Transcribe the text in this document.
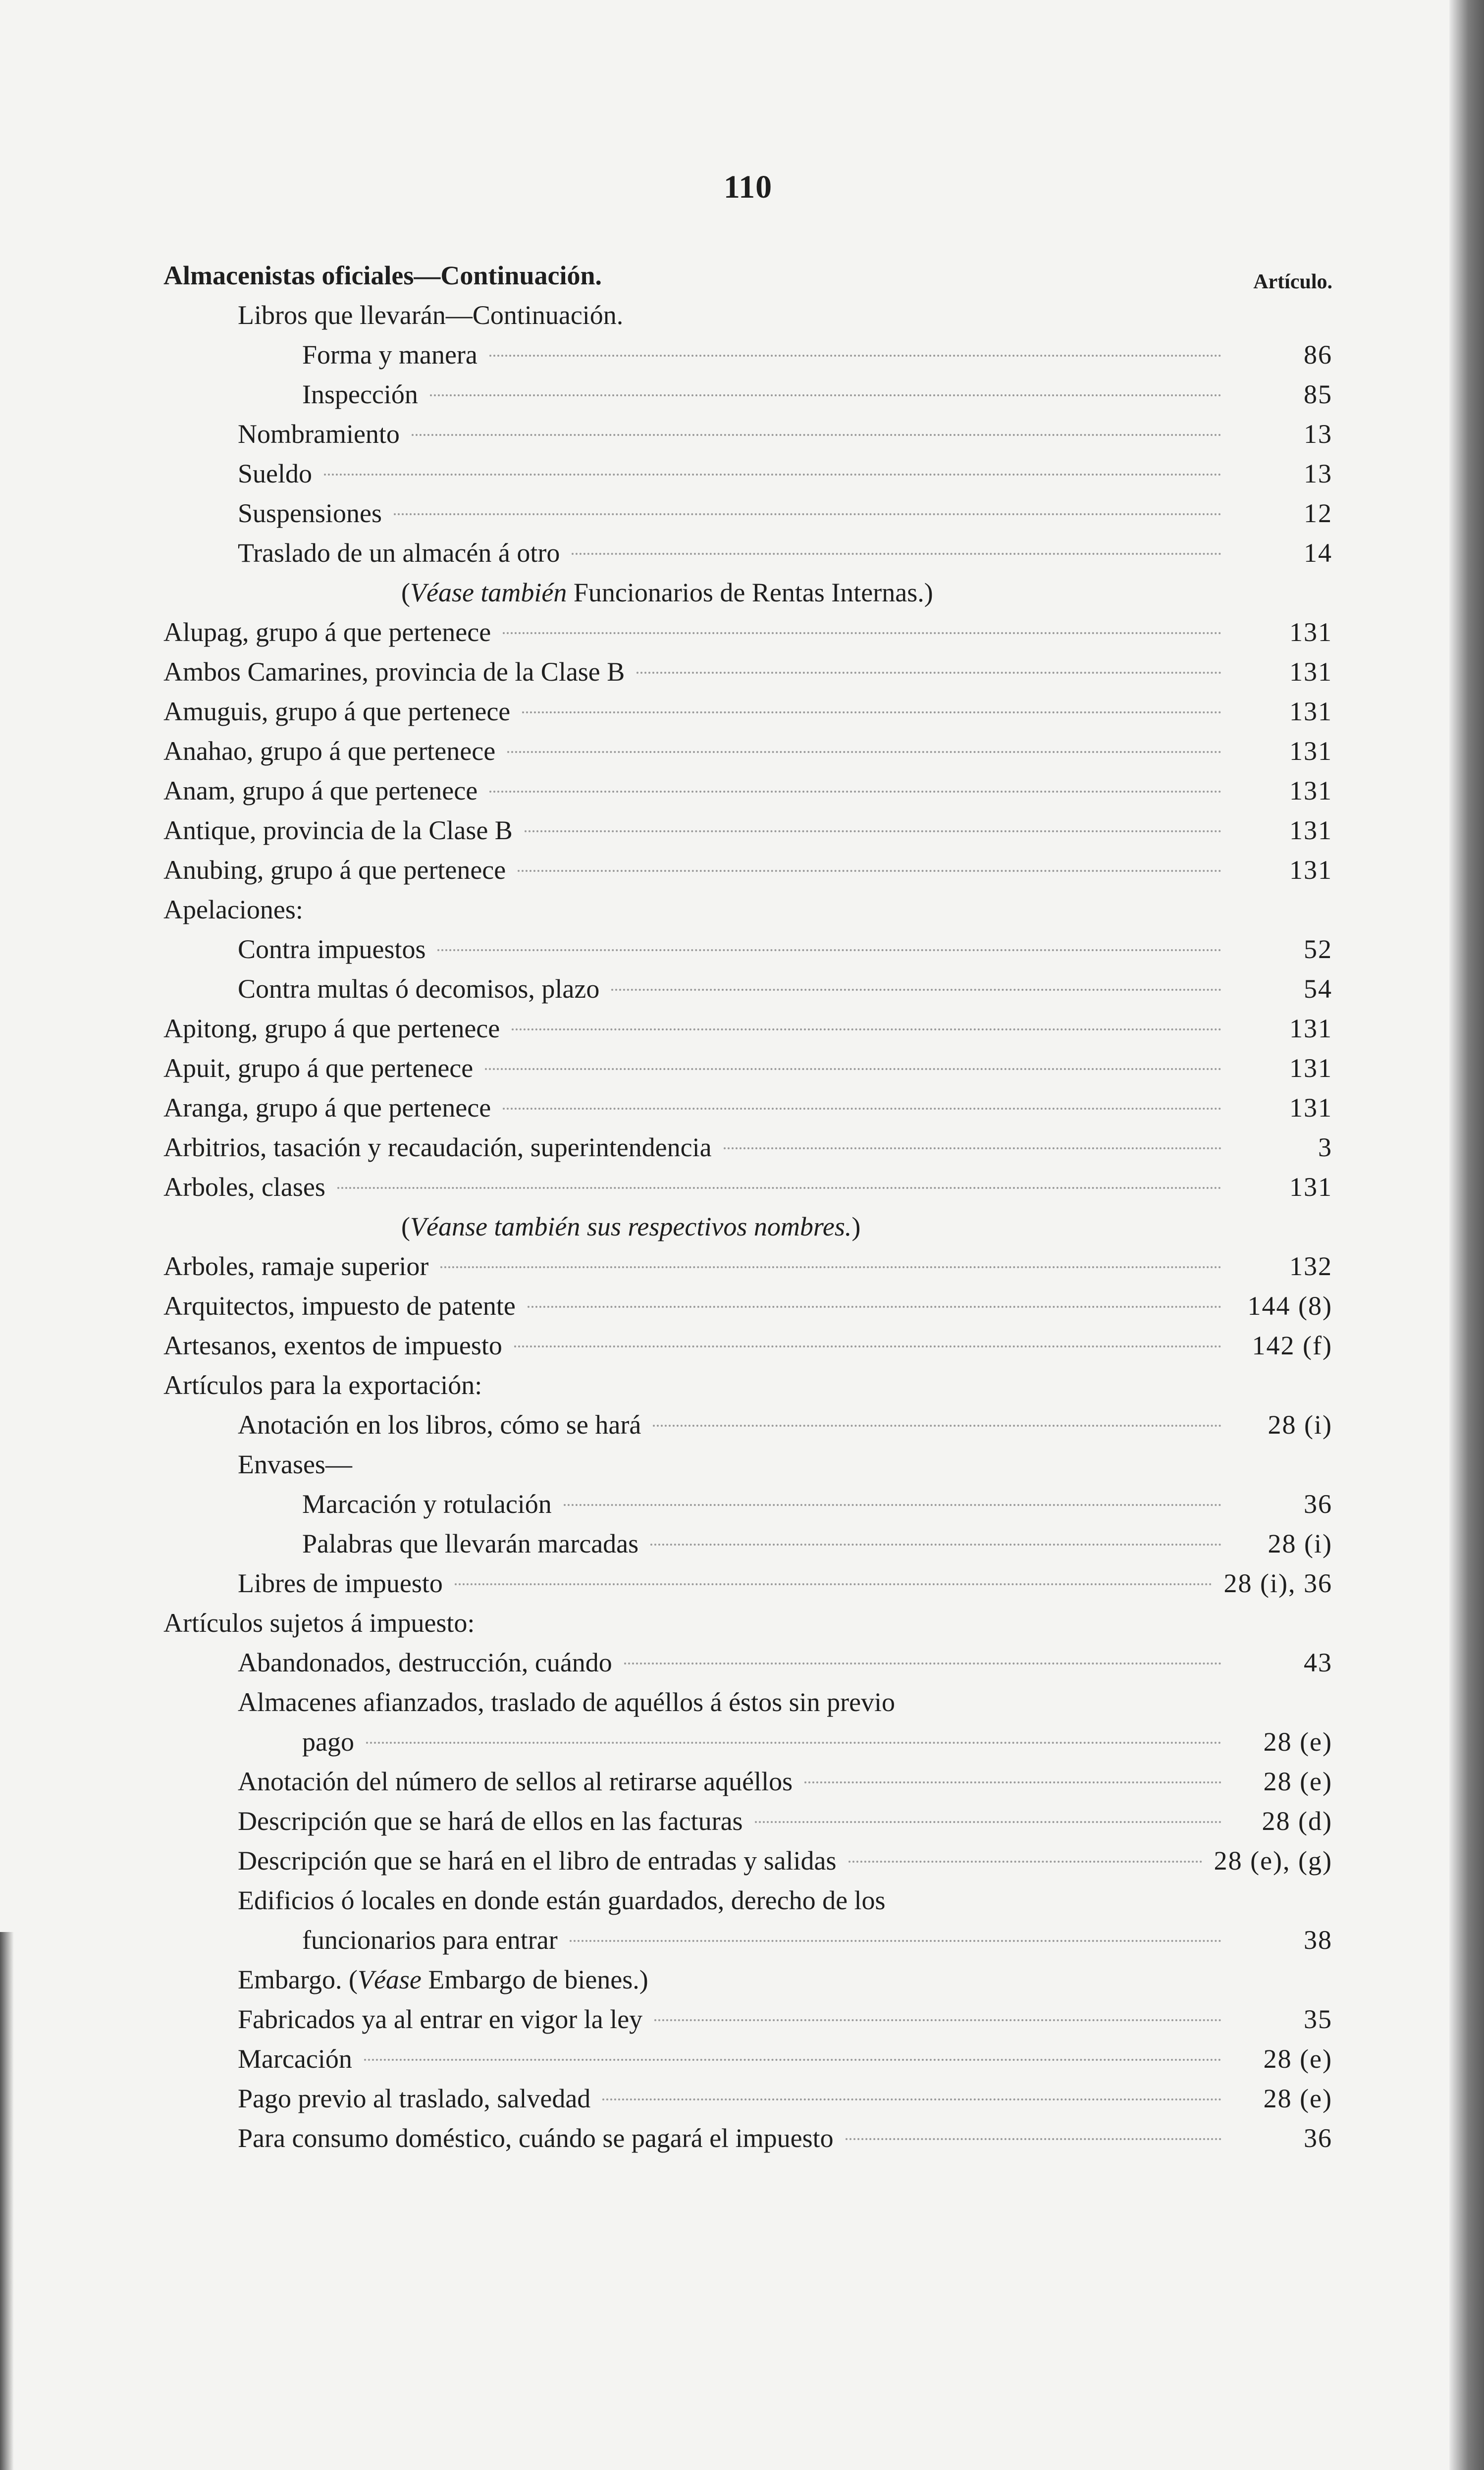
110
Artículo.
Almacenistas oficiales—Continuación.
Libros que llevarán—Continuación.
Forma y manera	86
Inspección	85
Nombramiento	13
Sueldo	13
Suspensiones	12
Traslado de un almacén á otro	14
(Véase también Funcionarios de Rentas Internas.)
Alupag, grupo á que pertenece	131
Ambos Camarines, provincia de la Clase B	131
Amuguis, grupo á que pertenece	131
Anahao, grupo á que pertenece	131
Anam, grupo á que pertenece	131
Antique, provincia de la Clase B	131
Anubing, grupo á que pertenece	131
Apelaciones:
Contra impuestos	52
Contra multas ó decomisos, plazo	54
Apitong, grupo á que pertenece	131
Apuit, grupo á que pertenece	131
Aranga, grupo á que pertenece	131
Arbitrios, tasación y recaudación, superintendencia	3
Arboles, clases	131
(Véanse también sus respectivos nombres.)
Arboles, ramaje superior	132
Arquitectos, impuesto de patente	144 (8)
Artesanos, exentos de impuesto	142 (f)
Artículos para la exportación:
Anotación en los libros, cómo se hará	28 (i)
Envases—
Marcación y rotulación	36
Palabras que llevarán marcadas	28 (i)
Libres de impuesto	28 (i), 36
Artículos sujetos á impuesto:
Abandonados, destrucción, cuándo	43
Almacenes afianzados, traslado de aquéllos á éstos sin previo
pago	28 (e)
Anotación del número de sellos al retirarse aquéllos	28 (e)
Descripción que se hará de ellos en las facturas	28 (d)
Descripción que se hará en el libro de entradas y salidas	28 (e), (g)
Edificios ó locales en donde están guardados, derecho de los
funcionarios para entrar	38
Embargo. (Véase Embargo de bienes.)
Fabricados ya al entrar en vigor la ley	35
Marcación	28 (e)
Pago previo al traslado, salvedad	28 (e)
Para consumo doméstico, cuándo se pagará el impuesto	36
